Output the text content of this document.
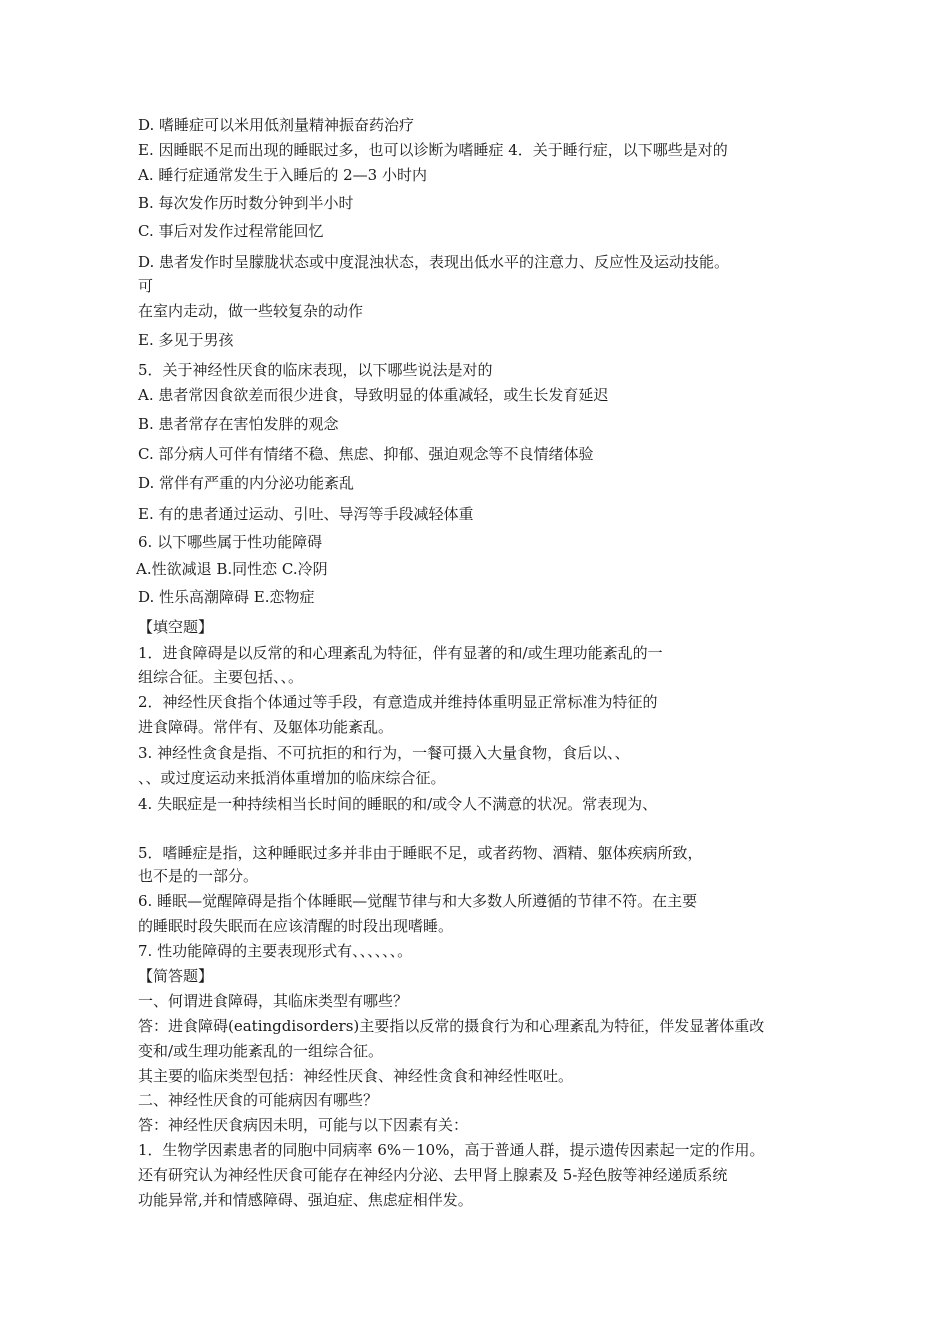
D. 嗜睡症可以米用低剂量精神振奋药治疗
E. 因睡眠不足而出现的睡眠过多，也可以诊断为嗜睡症 4．关于睡行症，以下哪些是对的
A. 睡行症通常发生于入睡后的 2—3 小时内
B. 每次发作历时数分钟到半小时
C. 事后对发作过程常能回忆
D. 患者发作时呈朦胧状态或中度混浊状态，表现出低水平的注意力、反应性及运动技能。
可
在室内走动，做一些较复杂的动作
E. 多见于男孩
5．关于神经性厌食的临床表现，以下哪些说法是对的
A. 患者常因食欲差而很少进食，导致明显的体重减轻，或生长发育延迟
B. 患者常存在害怕发胖的观念
C. 部分病人可伴有情绪不稳、焦虑、抑郁、强迫观念等不良情绪体验
D. 常伴有严重的内分泌功能紊乱
E. 有的患者通过运动、引吐、导泻等手段减轻体重
6. 以下哪些属于性功能障碍
A.性欲减退 B.同性恋 C.冷阴
D. 性乐高潮障碍 E.恋物症
【填空题】
1．进食障碍是以反常的和心理紊乱为特征，伴有显著的和/或生理功能紊乱的一
组综合征。主要包括、、。
2．神经性厌食指个体通过等手段，有意造成并维持体重明显正常标准为特征的
进食障碍。常伴有、及躯体功能紊乱。
3. 神经性贪食是指、不可抗拒的和行为，一餐可摄入大量食物，食后以、、
、、或过度运动来抵消体重增加的临床综合征。
4. 失眠症是一种持续相当长时间的睡眠的和/或令人不满意的状况。常表现为、
5．嗜睡症是指，这种睡眠过多并非由于睡眠不足，或者药物、酒精、躯体疾病所致，
也不是的一部分。
6. 睡眠—觉醒障碍是指个体睡眠—觉醒节律与和大多数人所遵循的节律不符。在主要
的睡眠时段失眠而在应该清醒的时段出现嗜睡。
7. 性功能障碍的主要表现形式有、、、、、、。
【简答题】
一、何谓进食障碍，其临床类型有哪些？
答：进食障碍(eatingdisorders)主要指以反常的摄食行为和心理紊乱为特征，伴发显著体重改
变和/或生理功能紊乱的一组综合征。
其主要的临床类型包括：神经性厌食、神经性贪食和神经性呕吐。
二、神经性厌食的可能病因有哪些？
答：神经性厌食病因未明，可能与以下因素有关：
1．生物学因素患者的同胞中同病率 6%－10%，高于普通人群，提示遗传因素起一定的作用。
还有研究认为神经性厌食可能存在神经内分泌、去甲肾上腺素及 5-羟色胺等神经递质系统
功能异常,并和情感障碍、强迫症、焦虑症相伴发。
